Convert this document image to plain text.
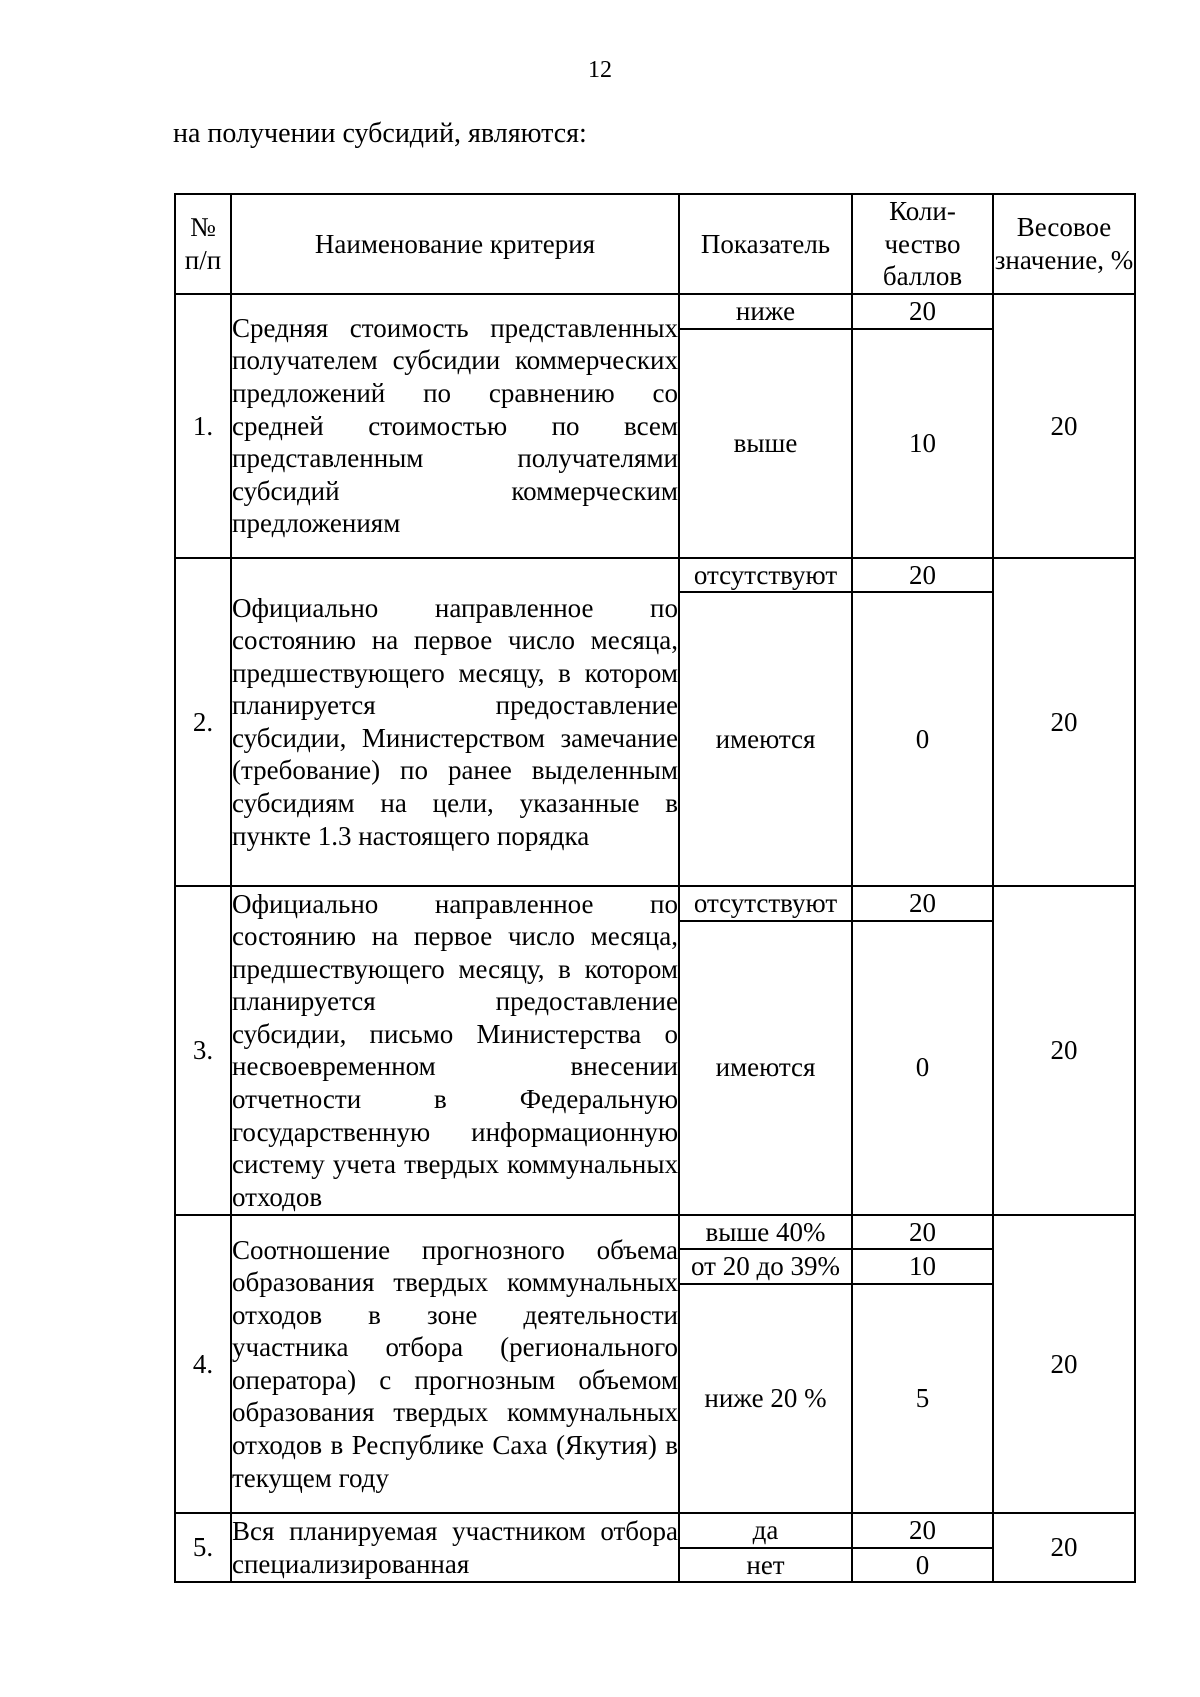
12
на получении субсидий, являются:
№ п/п	Наименование критерия	Показатель	Коли-чество баллов	Весовое значение, %
1.	Средняя стоимость представленных получателем субсидии коммерческих предложений по сравнению со средней стоимостью по всем представленным получателями субсидий коммерческим предложениям	ниже	20	20
		выше	10	
2.	Официально направленное по состоянию на первое число месяца, предшествующего месяцу, в котором планируется предоставление субсидии, Министерством замечание (требование) по ранее выделенным субсидиям на цели, указанные в пункте 1.3 настоящего порядка	отсутствуют	20	20
		имеются	0	
3.	Официально направленное по состоянию на первое число месяца, предшествующего месяцу, в котором планируется предоставление субсидии, письмо Министерства о несвоевременном внесении отчетности в Федеральную государственную информационную систему учета твердых коммунальных отходов	отсутствуют	20	20
		имеются	0	
4.	Соотношение прогнозного объема образования твердых коммунальных отходов в зоне деятельности участника отбора (регионального оператора) с прогнозным объемом образования твердых коммунальных отходов в Республике Саха (Якутия) в текущем году	выше 40%	20	20
		от 20 до 39%	10	
		ниже 20 %	5	
5.	Вся планируемая участником отбора специализированная	да	20	20
		нет	0	
